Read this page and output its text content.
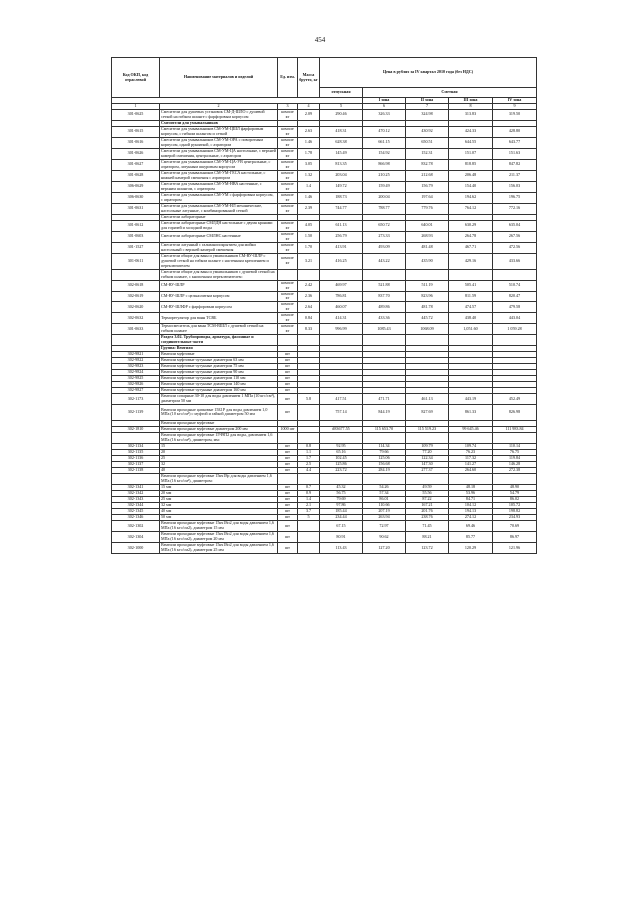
454
Код ОКП, код отраслевой	Наименование материалов и изделий	Ед. изм.	Масса брутто, кг	Цена в рублях за IV квартал 2010 года (без НДС)				
				отпускная	Сметная			
					I зона	II зона	III зона	IV зона
1	2	3	4	5	6	7	8	9
301-0625	Смесители для душевых установок СМ-Д-ШЛО с душевой сеткой на гибком шланге с фарфоровым корпусом	компле кт	2.09	290.46	326.33	324.98	313.83	319.50
	Смесители для умывальников							
301-0615	Смесители для умывальников СМ-УМ-ЦШЛ фарфоровым корпусом, с гибким шлангом и сеткой	компле кт	2.63	418.31	470.12	430.92	424.33	428.80
301-0616	Смесители для умывальников СМ-УМ-ОРА с поворотным корпусом, одной рукояткой, с аэратором	компле кт	1.46	628.38	661.15	650.51	644.55	643.77
301-0626	Смесители для умывальников СМ-УМ-ЦА настольные, с верхней камерой смешения, центральные, с аэратором	компле кт	1.78	145.49	154.92	152.31	151.07	151.63
301-0627	Смесители для умывальников СМ-УМ-ЦА-УВ центральные, с аэратором, латунным шкуровым корпусом	компле кт	3.05	813.35	866.98	832.78	818.85	847.82
301-0628	Смесители для умывальников СМ-УМ-ГЕСА настольные, с нижней камерой смешения с аэратором	компле кт	1.32	203.04	210.25	212.68	206.48	211.37
306-0629	Смесители для умывальников СМ-УМ-НВА настенные, с верхним шлангом, с аэратором	компле кт	1.4	149.72	159.49	156.79	154.40	156.03
306-0630	Смесители для умывальников СМ-УМ с фарфоровым корпусом, с аэратором	компле кт	1.46	188.73	200.04	197.64	194.62	196.75
301-0631	Смесители для умывальников СМ-УМ-НЛ механические, настольные латунные, с комбинированной сеткой	компле кт	2.39	744.77	788.77	779.76	764.12	772.16
	Смесители лабораторные							
301-0612	Смесители лабораторные СМЛДН настольные с двумя кранами для горячей и холодной воды	компле кт	4.05	611.13	650.72	640.01	630.29	635.04
301-0603	Смесители лабораторные СМЛНС настенные	компле кт	1.50	256.79	273.33	268.93	264.78	267.56
301-1527	Смесители латунный с гальванопокрытием для мойки настольный с верхней камерой смешения	компле кт	1.70	413.91	493.09	481.48	467.71	472.56
301-0611	Смесители общие для ванн и умывальников СМ-ВУ-ШЛР с душевой сеткой на гибком шланге с настенным креплением и переключателем	компле кт	3.21	416.25	443.22	435.90	429.16	433.66
	Смесители общие для ванн и умывальников с душевой сеткой на гибком шланге, с кнопочным переключателем:							
302-0618	СМ-ВУ-ШЛР	компле кт	2.42	469.97	521.88	511.19	505.41	510.74
302-0619	СМ-ВУ-ШЛР с цельнолитым корпусом	компле кт	2.36	786.81	837.70	823.96	811.59	820.47
302-0620	СМ-ВУ-ШЛФР с фарфоровым корпусом	компле кт	2.64	460.07	489.86	481.78	474.57	479.58
302-0632	Терморегулятор для ванн ТСВБ	компле кт	0.84	414.31	433.36	445.72	438.40	443.04
301-0633	Термосмеситель для ванн ТСМ-ВШЛ с душевой сеткой на гибком шланге	компле кт	8.33	996.99	1085.43	1068.09	1,051.60	1 059.28
	Раздел 3.02. Трубопроводы, арматура, фасонные и соединительные части							
	Группа: Вентили							
302-9821	Вентили муфтовые	шт						
302-9822	Вентили муфтовые чугунные диаметром 63 мм	шт						
302-9823	Вентили муфтовые чугунные диаметром 75 мм	шт						
302-9824	Вентили муфтовые чугунные диаметром 90 мм	шт						
302-9825	Вентили муфтовые чугунные диаметром 110 мм	шт						
302-9826	Вентили муфтовые чугунные диаметром 140 мм	шт						
302-9827	Вентили муфтовые чугунные диаметром 160 мм	шт						
302-1173	Вентили сопарные 30-10 для воды давлением 1 МПа (10 кгс/см²), диаметром 50 мм	шт	5.8	417.51	471.71	461.13	443.19	452.49
302-1139	Вентили проходные цапковые 15Б1Р для воды давлением 1,0 МПа (10 кгс/см²) с муфтой и гайкой диаметром 50 мм	шт		757.14	844.19	827.69	861.33	826.98
	Вентили проходные муфтовые							
302-1810	Вентили проходные муфтовые диаметром 200 мм	1000 шт		#83677.55	115 653.70	115 519.23	99 645.46	111 983.84
	Вентили проходные муфтовые 15Ч9П2 для воды, давлением 1,6 МПа (16 кгс/см²), диаметром, мм:							
302-1134	15	шт	0.8	92.95	114.34	109.79	109.74	110.14
302-1135	20	шт	1.1	65.16	79.66	77.20	76.23	76.75
302-1136	25	шт	1.7	102.45	125.06	122.34	117.32	119.84
302-1137	32	шт	2.5	125.86	156.68	147.30	141.27	146.28
302-1138	40	шт	4.4	223.72	284.19	277.37	264.60	272.38
	Вентили проходные муфтовые 15кч18р для воды давлением 1,6 МПа (16 кгс/см²), диаметром:							
302-1341	15 мм	шт	0.7	45.32	54.26	49.59	48.18	48.90
302-1342	20 мм	шт	0.9	56.75	57.34	55.56	53.96	54.79
302-1343	25 мм	шт	1.4	79.69	86.01	87.22	84.71	86.02
302-1344	32 мм	шт	2.1	97.86	110.66	167.21	104.12	105.72
302-1345	40 мм	шт	3.7	185.44	207.19	201.76	194.13	198.82
302-1346	50 мм	шт	5	234.44	263.94	238.76	274.12	234.93
302-1302	Вентили проходные муфтовые 15кч18п2 для воды давлением 1,6 МПа (16 кгс/см2), диаметром 15 мм	шт		67.15	72.97	71.45	69.46	70.69
302-1304	Вентили проходные муфтовые 15кч18п2 для воды давлением 1,6 МПа (16 кгс/см2), диаметром 20 мм	шт		80.91	90.62	88.21	85.77	86.97
302-1000	Вентили проходные муфтовые 15кч18п2 для воды давлением 1,6 МПа (16 кгс/см2), диаметром 25 мм	шт		113.43	127.20	123.72	120.29	121.96
